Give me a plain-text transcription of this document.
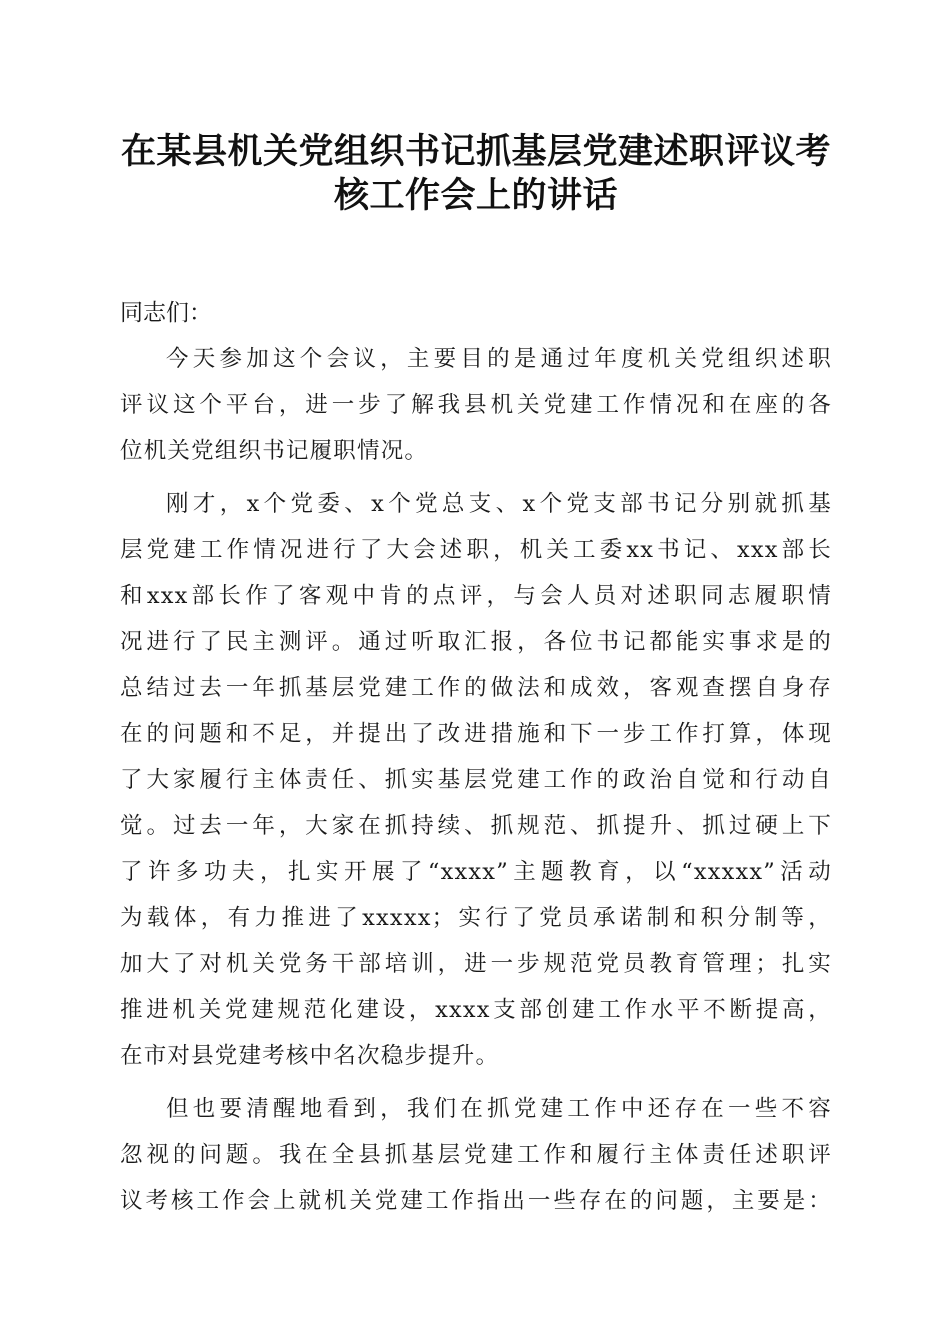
在某县机关党组织书记抓基层党建述职评议考
核工作会上的讲话

同志们：

今天参加这个会议，主要目的是通过年度机关党组织述职
评议这个平台，进一步了解我县机关党建工作情况和在座的各
位机关党组织书记履职情况。

刚才，x个党委、x个党总支、x个党支部书记分别就抓基
层党建工作情况进行了大会述职，机关工委xx书记、xxx部长
和xxx部长作了客观中肯的点评，与会人员对述职同志履职情
况进行了民主测评。通过听取汇报，各位书记都能实事求是的
总结过去一年抓基层党建工作的做法和成效，客观查摆自身存
在的问题和不足，并提出了改进措施和下一步工作打算，体现
了大家履行主体责任、抓实基层党建工作的政治自觉和行动自
觉。过去一年，大家在抓持续、抓规范、抓提升、抓过硬上下
了许多功夫，扎实开展了“xxxx”主题教育，以“xxxxx”活动
为载体，有力推进了xxxxx；实行了党员承诺制和积分制等，
加大了对机关党务干部培训，进一步规范党员教育管理；扎实
推进机关党建规范化建设，xxxx支部创建工作水平不断提高，
在市对县党建考核中名次稳步提升。

但也要清醒地看到，我们在抓党建工作中还存在一些不容
忽视的问题。我在全县抓基层党建工作和履行主体责任述职评
议考核工作会上就机关党建工作指出一些存在的问题，主要是：
